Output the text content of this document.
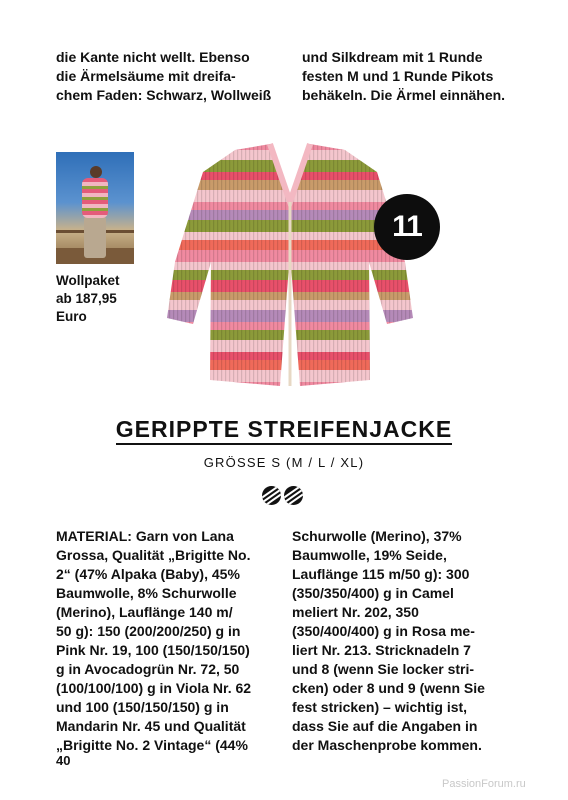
die Kante nicht wellt. Ebenso
die Ärmelsäume mit dreifa-
chem Faden: Schwarz, Wollweiß
und Silkdream mit 1 Runde
festen M und 1 Runde Pikots
behäkeln. Die Ärmel einnähen.
Wollpaket
ab 187,95
Euro
11
GERIPPTE STREIFENJACKE
GRÖSSE S (M / L / XL)
MATERIAL: Garn von Lana
Grossa, Qualität „Brigitte No.
2“ (47% Alpaka (Baby), 45%
Baumwolle, 8% Schurwolle
(Merino), Lauflänge 140 m/
50 g): 150 (200/200/250) g in
Pink Nr. 19, 100 (150/150/150)
g in Avocadogrün Nr. 72, 50
(100/100/100) g in Viola Nr. 62
und 100 (150/150/150) g in
Mandarin Nr. 45 und Qualität
„Brigitte No. 2 Vintage“ (44%
Schurwolle (Merino), 37%
Baumwolle, 19% Seide,
Lauflänge 115 m/50 g): 300
(350/350/400) g in Camel
meliert Nr. 202, 350
(350/400/400) g in Rosa me-
liert Nr. 213. Stricknadeln 7
und 8 (wenn Sie locker stri-
cken) oder 8 und 9 (wenn Sie
fest stricken) – wichtig ist,
dass Sie auf die Angaben in
der Maschenprobe kommen.
40
PassionForum.ru
